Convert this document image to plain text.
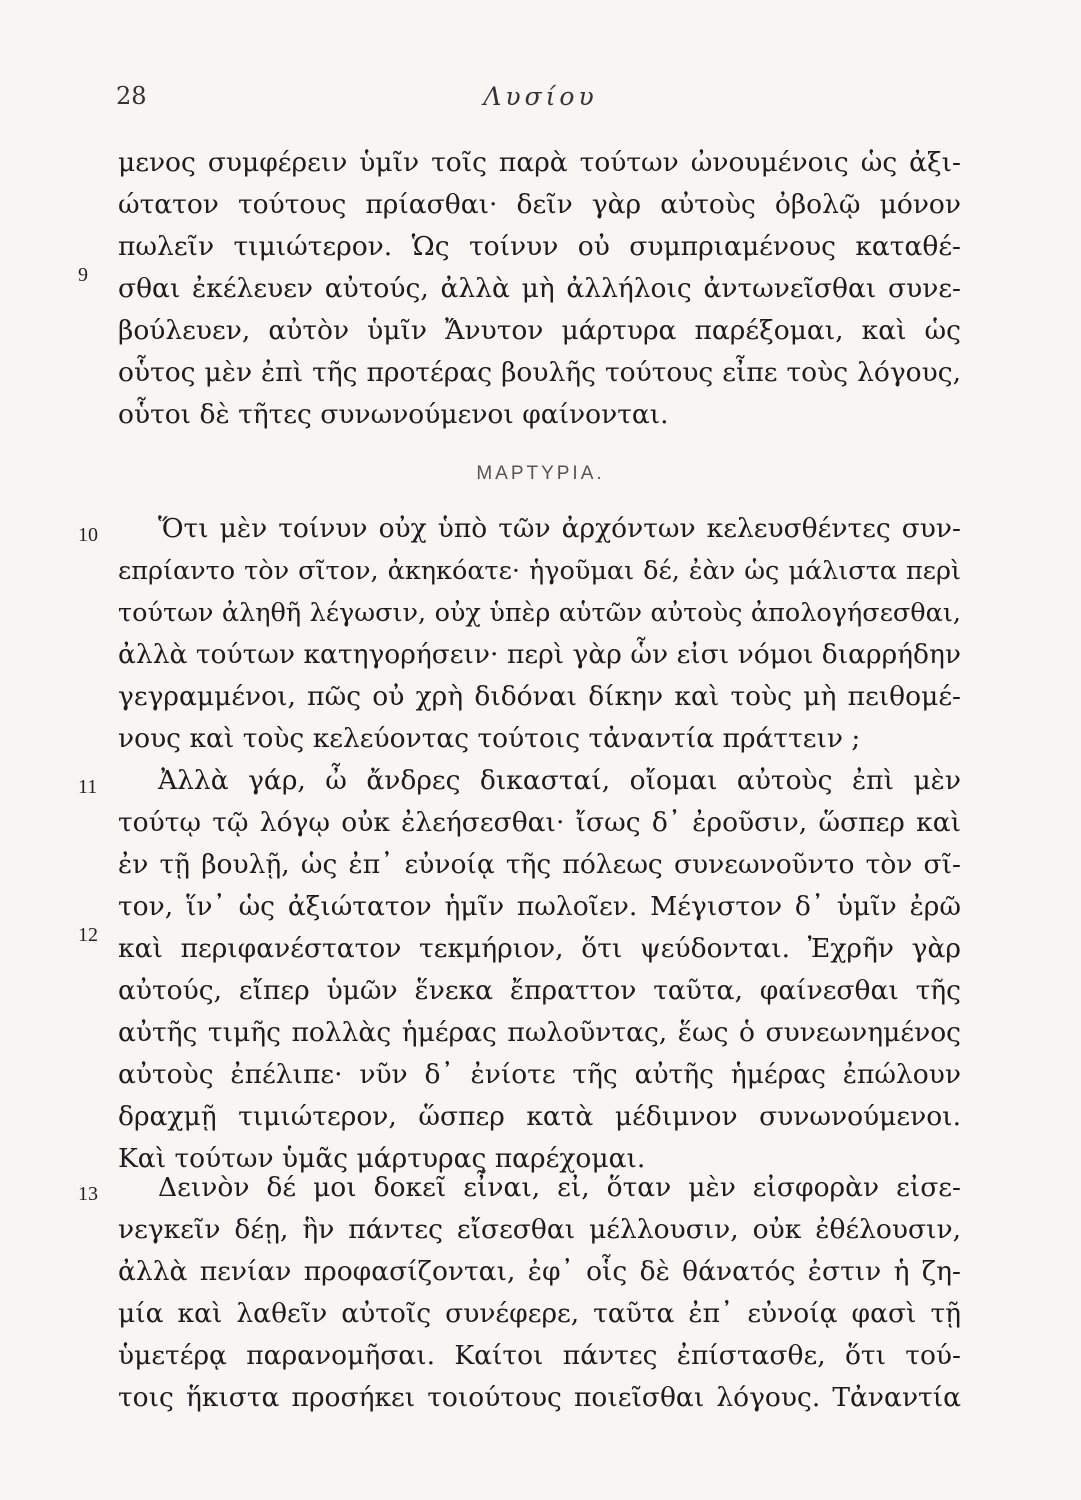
28	Λυσίου
9
10
11
12
13
μενος συμφέρειν ὑμῖν τοῖς παρὰ τούτων ὠνουμένοις ὡς ἀξι-
ώτατον τούτους πρίασθαι· δεῖν γὰρ αὐτοὺς ὀβολῷ μόνον
πωλεῖν τιμιώτερον. Ὡς τοίνυν οὐ συμπριαμένους καταθέ-
σθαι ἐκέλευεν αὐτούς, ἀλλὰ μὴ ἀλλήλοις ἀντωνεῖσθαι συνε-
βούλευεν, αὐτὸν ὑμῖν Ἄνυτον μάρτυρα παρέξομαι, καὶ ὡς
οὗτος μὲν ἐπὶ τῆς προτέρας βουλῆς τούτους εἶπε τοὺς λόγους,
οὗτοι δὲ τῆτες συνωνούμενοι φαίνονται.
ΜΑΡΤΥΡΙΑ.
Ὅτι μὲν τοίνυν οὐχ ὑπὸ τῶν ἀρχόντων κελευσθέντες συν-
επρίαντο τὸν σῖτον, ἀκηκόατε· ἡγοῦμαι δέ, ἐὰν ὡς μάλιστα περὶ
τούτων ἀληθῆ λέγωσιν, οὐχ ὑπὲρ αὑτῶν αὐτοὺς ἀπολογήσεσθαι,
ἀλλὰ τούτων κατηγορήσειν· περὶ γὰρ ὧν εἰσι νόμοι διαρρήδην
γεγραμμένοι, πῶς οὐ χρὴ διδόναι δίκην καὶ τοὺς μὴ πειθομέ-
νους καὶ τοὺς κελεύοντας τούτοις τἀναντία πράττειν ;
Ἀλλὰ γάρ, ὦ ἄνδρες δικασταί, οἴομαι αὐτοὺς ἐπὶ μὲν
τούτῳ τῷ λόγῳ οὐκ ἐλεήσεσθαι· ἴσως δ᾽ ἐροῦσιν, ὥσπερ καὶ
ἐν τῇ βουλῇ, ὡς ἐπ᾽ εὐνοίᾳ τῆς πόλεως συνεωνοῦντο τὸν σῖ-
τον, ἵν᾽ ὡς ἀξιώτατον ἡμῖν πωλοῖεν. Μέγιστον δ᾽ ὑμῖν ἐρῶ
καὶ περιφανέστατον τεκμήριον, ὅτι ψεύδονται. Ἐχρῆν γὰρ
αὐτούς, εἴπερ ὑμῶν ἕνεκα ἔπραττον ταῦτα, φαίνεσθαι τῆς
αὐτῆς τιμῆς πολλὰς ἡμέρας πωλοῦντας, ἕως ὁ συνεωνημένος
αὐτοὺς ἐπέλιπε· νῦν δ᾽ ἐνίοτε τῆς αὐτῆς ἡμέρας ἐπώλουν
δραχμῇ τιμιώτερον, ὥσπερ κατὰ μέδιμνον συνωνούμενοι.
Καὶ τούτων ὑμᾶς μάρτυρας παρέχομαι.
Δεινὸν δέ μοι δοκεῖ εἶναι, εἰ, ὅταν μὲν εἰσφορὰν εἰσε-
νεγκεῖν δέῃ, ἣν πάντες εἴσεσθαι μέλλουσιν, οὐκ ἐθέλουσιν,
ἀλλὰ πενίαν προφασίζονται, ἐφ᾽ οἷς δὲ θάνατός ἐστιν ἡ ζη-
μία καὶ λαθεῖν αὐτοῖς συνέφερε, ταῦτα ἐπ᾽ εὐνοίᾳ φασὶ τῇ
ὑμετέρᾳ παρανομῆσαι. Καίτοι πάντες ἐπίστασθε, ὅτι τού-
τοις ἥκιστα προσήκει τοιούτους ποιεῖσθαι λόγους. Τἀναντία
